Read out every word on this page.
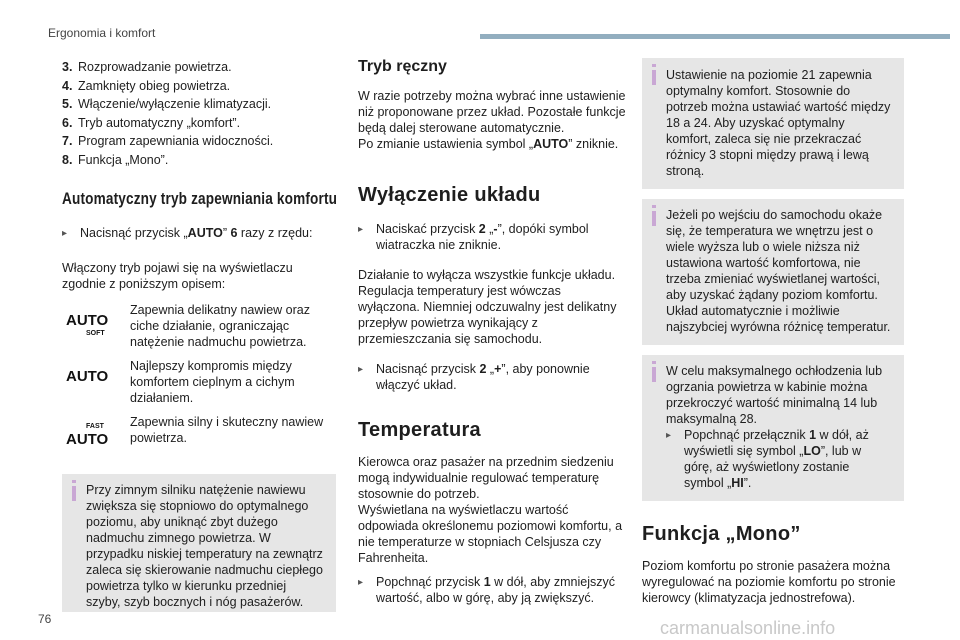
Ergonomia i komfort
3. Rozprowadzanie powietrza.
4. Zamknięty obieg powietrza.
5. Włączenie/wyłączenie klimatyzacji.
6. Tryb automatyczny „komfort”.
7. Program zapewniania widoczności.
8. Funkcja „Mono”.
Automatyczny tryb zapewniania komfortu
▸	Nacisnąć przycisk „AUTO” 6 razy z rzędu:

Włączony tryb pojawi się na wyświetlaczu zgodnie z poniższym opisem:

AUTO
SOFT
Zapewnia delikatny nawiew oraz ciche działanie, ograniczając natężenie nadmuchu powietrza.
AUTO
Najlepszy kompromis między komfortem cieplnym a cichym działaniem.
FAST
AUTO
Zapewnia silny i skuteczny nawiew powietrza.
Przy zimnym silniku natężenie nawiewu zwiększa się stopniowo do optymalnego poziomu, aby uniknąć zbyt dużego nadmuchu zimnego powietrza. W przypadku niskiej temperatury na zewnątrz zaleca się skierowanie nadmuchu ciepłego powietrza tylko w kierunku przedniej szyby, szyb bocznych i nóg pasażerów.
Tryb ręczny

W razie potrzeby można wybrać inne ustawienie niż proponowane przez układ. Pozostałe funkcje będą dalej sterowane automatycznie.

Po zmianie ustawienia symbol „AUTO” zniknie.

Wyłączenie układu
▸	Naciskać przycisk 2 „-”, dopóki symbol wiatraczka nie zniknie.

Działanie to wyłącza wszystkie funkcje układu. Regulacja temperatury jest wówczas wyłączona. Niemniej odczuwalny jest delikatny przepływ powietrza wynikający z przemieszczania się samochodu.

▸	Nacisnąć przycisk 2 „+”, aby ponownie włączyć układ.
Temperatura

Kierowca oraz pasażer na przednim siedzeniu mogą indywidualnie regulować temperaturę stosownie do potrzeb.

Wyświetlana na wyświetlaczu wartość odpowiada określonemu poziomowi komfortu, a nie temperaturze w stopniach Celsjusza czy Fahrenheita.

▸	Popchnąć przycisk 1 w dół, aby zmniejszyć wartość, albo w górę, aby ją zwiększyć.
Ustawienie na poziomie 21 zapewnia optymalny komfort. Stosownie do potrzeb można ustawiać wartość między 18 a 24. Aby uzyskać optymalny komfort, zaleca się nie przekraczać różnicy 3 stopni między prawą i lewą stroną.
Jeżeli po wejściu do samochodu okaże się, że temperatura we wnętrzu jest o wiele wyższa lub o wiele niższa niż ustawiona wartość komfortowa, nie trzeba zmieniać wyświetlanej wartości, aby uzyskać żądany poziom komfortu. Układ automatycznie i możliwie najszybciej wyrówna różnicę temperatur.
W celu maksymalnego ochłodzenia lub ogrzania powietrza w kabinie można przekroczyć wartość minimalną 14 lub maksymalną 28.
▸	Popchnąć przełącznik 1 w dół, aż wyświetli się symbol „LO”, lub w górę, aż wyświetlony zostanie symbol „HI”.
Funkcja „Mono”

Poziom komfortu po stronie pasażera można wyregulować na poziomie komfortu po stronie kierowcy (klimatyzacja jednostrefowa).

76	carmanualsonline.info
